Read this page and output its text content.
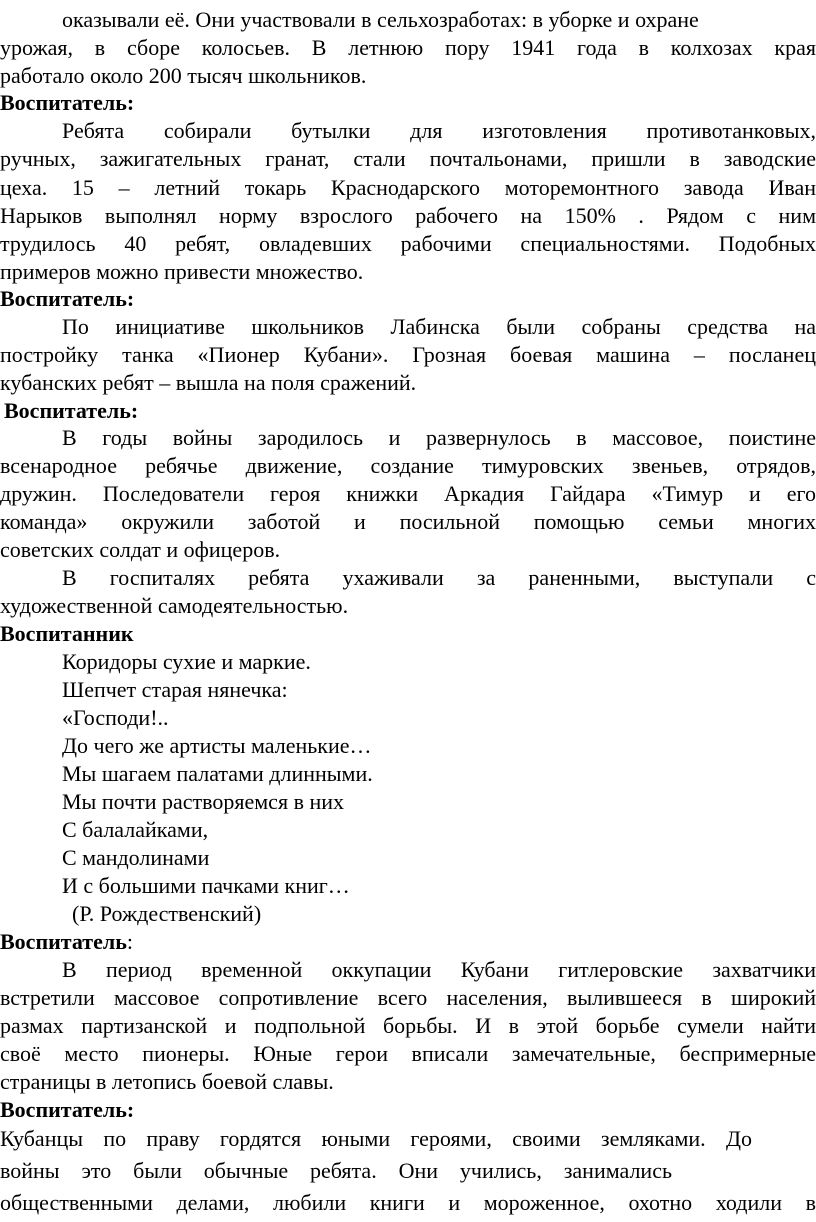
оказывали её. Они участвовали в сельхозработах: в уборке и охране
урожая, в сборе колосьев. В летнюю пору 1941 года в колхозах края
работало около 200 тысяч школьников.
Воспитатель:
Ребята собирали бутылки для изготовления противотанковых,
ручных, зажигательных гранат, стали почтальонами, пришли в заводские
цеха. 15 – летний токарь Краснодарского моторемонтного завода Иван
Нарыков выполнял норму взрослого рабочего на 150% . Рядом с ним
трудилось 40 ребят, овладевших рабочими специальностями. Подобных
примеров можно привести множество.
Воспитатель:
По инициативе школьников Лабинска были собраны средства на
постройку танка «Пионер Кубани». Грозная боевая машина – посланец
кубанских ребят – вышла на поля сражений.
Воспитатель:
В годы войны зародилось и развернулось в массовое, поистине
всенародное ребячье движение, создание тимуровских звеньев, отрядов,
дружин. Последователи героя книжки Аркадия Гайдара «Тимур и его
команда» окружили заботой и посильной помощью семьи многих
советских солдат и офицеров.
В госпиталях ребята ухаживали за раненными, выступали с
художественной самодеятельностью.
Воспитанник
Коридоры сухие и маркие.
Шепчет старая нянечка:
«Господи!..
До чего же артисты маленькие…
Мы шагаем палатами длинными.
Мы почти растворяемся в них
С балалайками,
С мандолинами
И с большими пачками книг…
(Р. Рождественский)
Воспитатель:
В период временной оккупации Кубани гитлеровские захватчики
встретили массовое сопротивление всего населения, вылившееся в широкий
размах партизанской и подпольной борьбы. И в этой борьбе сумели найти
своё место пионеры. Юные герои вписали замечательные, беспримерные
страницы в летопись боевой славы.
Воспитатель:
Кубанцы по праву гордятся юными героями, своими земляками. До
войны это были обычные ребята. Они учились, занимались
общественными делами, любили книги и мороженное, охотно ходили в
